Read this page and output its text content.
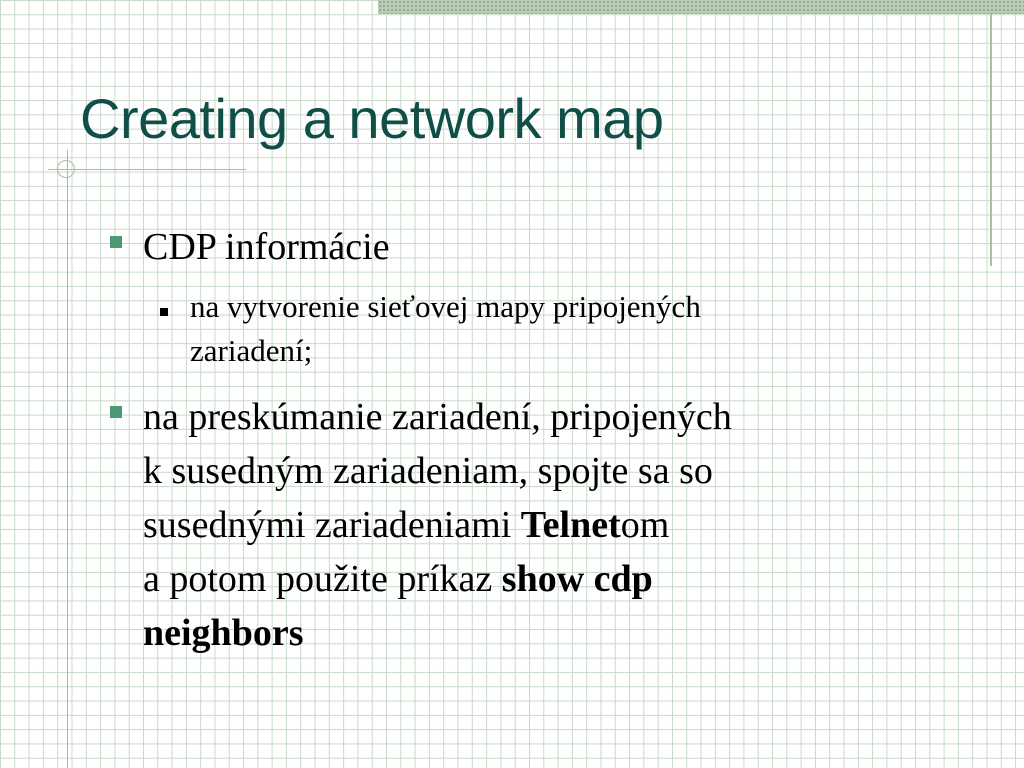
Creating a network map
CDP informácie
na vytvorenie sieťovej mapy pripojených
zariadení;
na preskúmanie zariadení, pripojených
k susedným zariadeniam, spojte sa so
susednými zariadeniami Telnetom
a potom použite príkaz show cdp
neighbors
